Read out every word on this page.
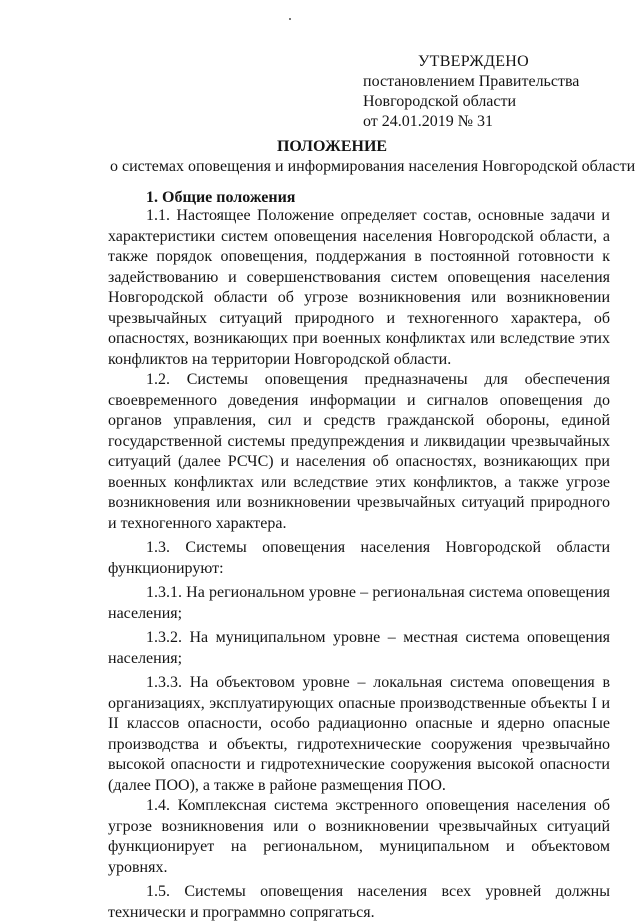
УТВЕРЖДЕНО
постановлением Правительства
Новгородской области
от 24.01.2019 № 31
ПОЛОЖЕНИЕ
о системах оповещения и информирования населения Новгородской области
1. Общие положения

1.1. Настоящее Положение определяет состав, основные задачи и характеристики систем оповещения населения Новгородской области, а также порядок оповещения, поддержания в постоянной готовности к задействованию и совершенствования систем оповещения населения Новгородской области об угрозе возникновения или возникновении чрезвычайных ситуаций природного и техногенного характера, об опасностях, возникающих при военных конфликтах или вследствие этих конфликтов на территории Новгородской области.

1.2. Системы оповещения предназначены для обеспечения своевременного доведения информации и сигналов оповещения до органов управления, сил и средств гражданской обороны, единой государственной системы предупреждения и ликвидации чрезвычайных ситуаций (далее РСЧС) и населения об опасностях, возникающих при военных конфликтах или вследствие этих конфликтов, а также угрозе возникновения или возникновении чрезвычайных ситуаций природного и техногенного характера.

1.3. Системы оповещения населения Новгородской области функционируют:

1.3.1. На региональном уровне – региональная система оповещения населения;

1.3.2. На муниципальном уровне – местная система оповещения населения;

1.3.3. На объектовом уровне – локальная система оповещения в организациях, эксплуатирующих опасные производственные объекты I и II классов опасности, особо радиационно опасные и ядерно опасные производства и объекты, гидротехнические сооружения чрезвычайно высокой опасности и гидротехнические сооружения высокой опасности (далее ПОО), а также в районе размещения ПОО.

1.4. Комплексная система экстренного оповещения населения об угрозе возникновения или о возникновении чрезвычайных ситуаций функционирует на региональном, муниципальном и объектовом уровнях.

1.5. Системы оповещения населения всех уровней должны технически и программно сопрягаться.
